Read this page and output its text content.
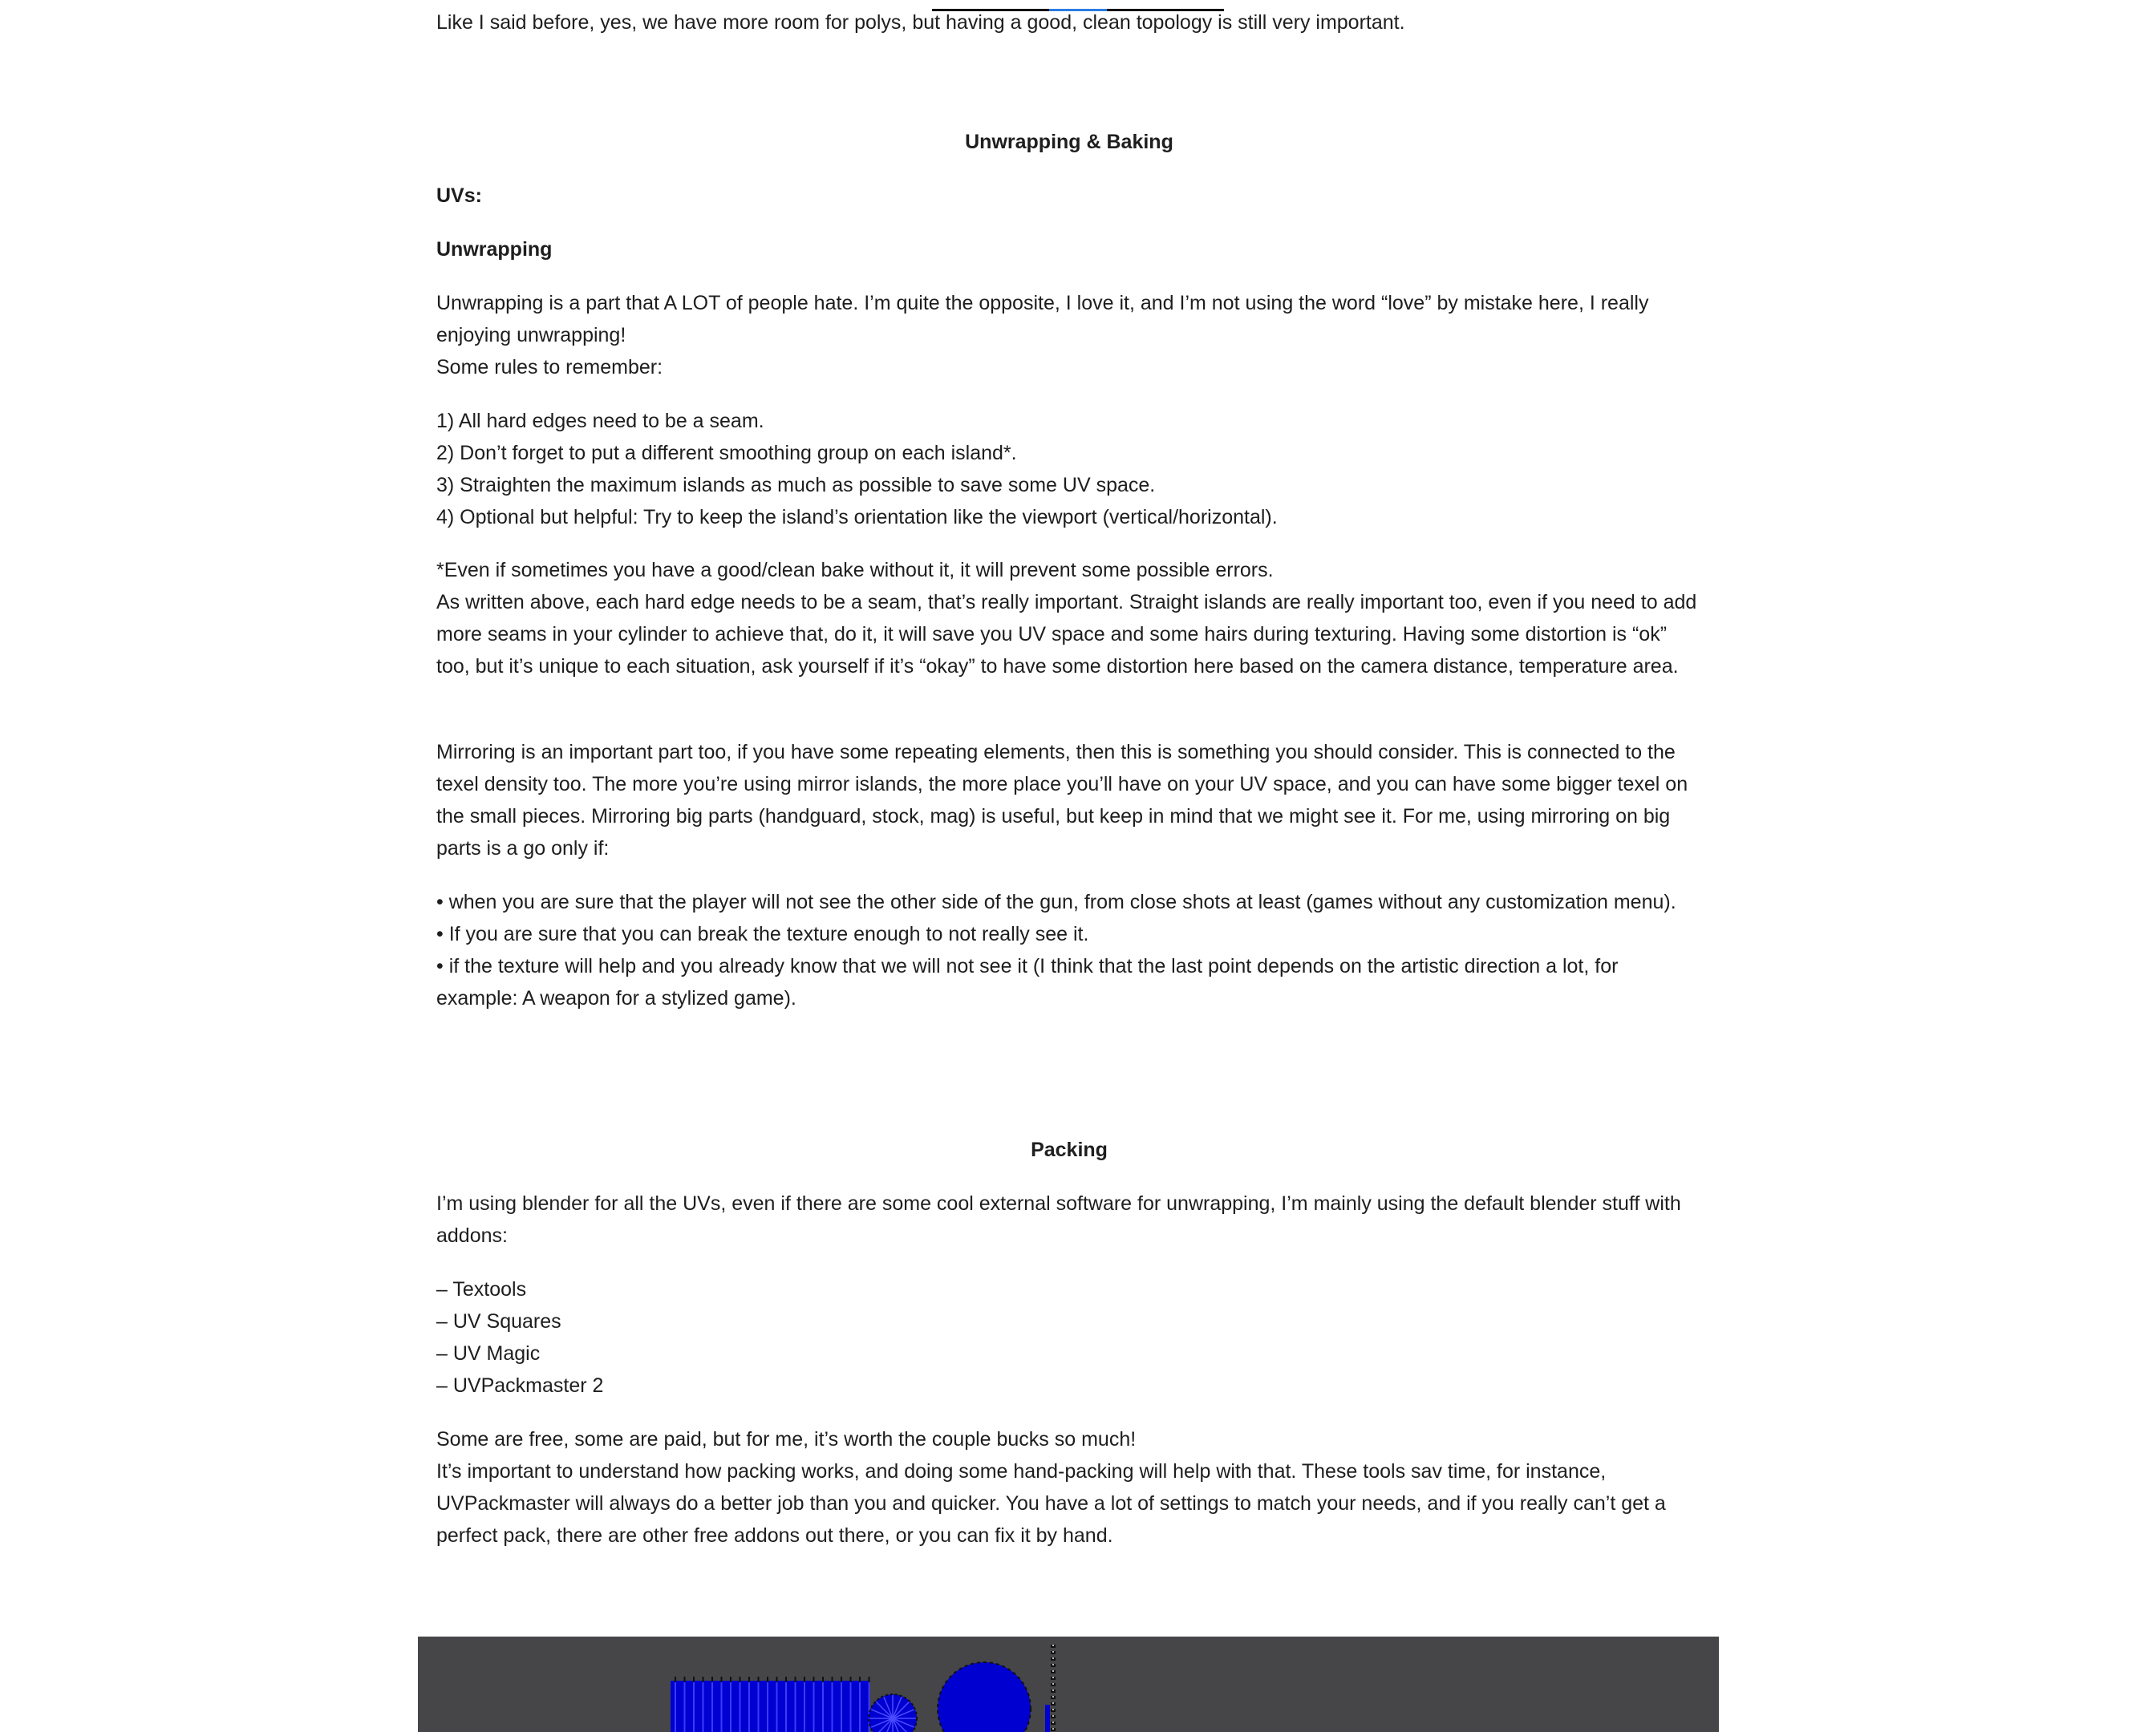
Like I said before, yes, we have more room for polys, but having a good, clean topology is still very important.

Unwrapping & Baking

UVs:

Unwrapping

Unwrapping is a part that A LOT of people hate. I’m quite the opposite, I love it, and I’m not using the word “love” by mistake here, I really enjoying unwrapping!

Some rules to remember:

1) All hard edges need to be a seam.

2) Don’t forget to put a different smoothing group on each island*.

3) Straighten the maximum islands as much as possible to save some UV space.

4) Optional but helpful: Try to keep the island’s orientation like the viewport (vertical/horizontal).

*Even if sometimes you have a good/clean bake without it, it will prevent some possible errors.

As written above, each hard edge needs to be a seam, that’s really important. Straight islands are really important too, even if you need to add more seams in your cylinder to achieve that, do it, it will save you UV space and some hairs during texturing. Having some distortion is “ok” too, but it’s unique to each situation, ask yourself if it’s “okay” to have some distortion here based on the camera distance, temperature area.

Mirroring is an important part too, if you have some repeating elements, then this is something you should consider. This is connected to the texel density too. The more you’re using mirror islands, the more place you’ll have on your UV space, and you can have some bigger texel on the small pieces. Mirroring big parts (handguard, stock, mag) is useful, but keep in mind that we might see it. For me, using mirroring on big parts is a go only if:

• when you are sure that the player will not see the other side of the gun, from close shots at least (games without any customization menu).

• If you are sure that you can break the texture enough to not really see it.

• if the texture will help and you already know that we will not see it (I think that the last point depends on the artistic direction a lot, for example: A weapon for a stylized game).

Packing

I’m using blender for all the UVs, even if there are some cool external software for unwrapping, I’m mainly using the default blender stuff with addons:

– Textools

– UV Squares

– UV Magic

– UVPackmaster 2

Some are free, some are paid, but for me, it’s worth the couple bucks so much!

It’s important to understand how packing works, and doing some hand-packing will help with that. These tools sav time, for instance, UVPackmaster will always do a better job than you and quicker. You have a lot of settings to match your needs, and if you really can’t get a perfect pack, there are other free addons out there, or you can fix it by hand.
